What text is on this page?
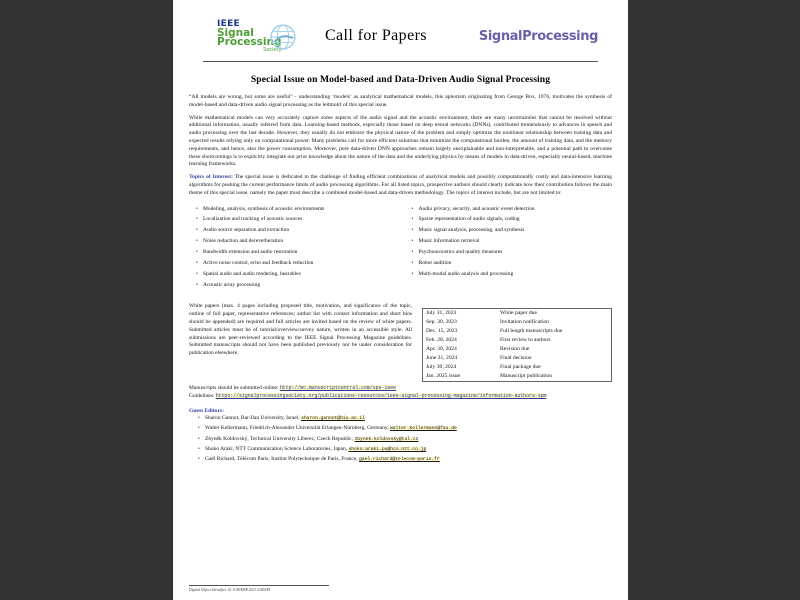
IEEE
Signal
Processing
Society
Call for Papers	SignalProcessing
Special Issue on Model-based and Data-Driven Audio Signal Processing

“All models are wrong, but some are useful” - understanding ‘models’ as analytical mathematical models, this aphorism originating from George Box, 1976, motivates the synthesis of model-based and data-driven audio signal processing as the leitmotif of this special issue.

While mathematical models can very accurately capture some aspects of the audio signal and the acoustic environment, there are many uncertainties that cannot be resolved without additional information, usually inferred from data. Learning-based methods, especially those based on deep neural networks (DNNs), contributed tremendously to advances in speech and audio processing over the last decade. However, they usually do not embrace the physical nature of the problem and simply optimize the nonlinear relationship between training data and expected results relying only on computational power. Many problems call for more efficient solutions that minimize the computational burden, the amount of training data, and the memory requirements, and hence, also the power consumption. Moreover, pure data-driven DNN approaches remain largely unexplainable and non-interpretable, and a potential path to overcome these shortcomings is to explicitly integrate our prior knowledge about the nature of the data and the underlying physics by means of models in data-driven, especially neural-based, machine learning frameworks.

Topics of Interest: The special issue is dedicated to the challenge of finding efficient combinations of analytical models and possibly computationally costly and data-intensive learning algorithms for pushing the current performance limits of audio processing algorithms. For all listed topics, prospective authors should clearly indicate how their contribution follows the main theme of this special issue, namely the paper must describe a combined model-based and data-driven methodology. The topics of interest include, but are not limited to:

• Modeling, analysis, synthesis of acoustic environments
• Localization and tracking of acoustic sources
• Audio source separation and extraction
• Noise reduction and dereverberation
• Bandwidth extension and audio restoration
• Active noise control, echo and feedback reduction
• Spatial audio and audio rendering, hearables
• Acoustic array processing
• Audio privacy, security, and acoustic event detection
• Sparse representation of audio signals, coding
• Music signal analysis, processing, and synthesis
• Music information retrieval
• Psychoacoustics and quality measures
• Robot audition
• Multi-modal audio analysis and processing
July 31, 2023	White paper due
Sep. 30, 2023	Invitation notification
Dec. 15, 2023	Full length manuscripts due
Feb. 28, 2024	First review to authors
Apr. 30, 2024	Revision due
June 31, 2024	Final decision
July 30, 2024	Final package due
Jan. 2025 issue	Manuscript publication

White papers (max. 4 pages including proposed title, motivation, and significance of the topic, outline of full paper, representative references; author list with contact information and short bios should be appended) are required and full articles are invited based on the review of white papers. Submitted articles must be of tutorial/overview/survey nature, written in an accessible style. All submissions are peer-reviewed according to the IEEE Signal Processing Magazine guidelines. Submitted manuscripts should not have been published previously nor be under consideration for publication elsewhere.

Manuscripts should be submitted online: http://mc.manuscriptcentral.com/sps-ieee

Guidelines: https://signalprocessingsociety.org/publications-resources/ieee-signal-processing-magazine/information-authors-spm

Guest Editors:
• Sharon Gannot, Bar-Ilan University, Israel, sharon.gannot@biu.ac.il
• Walter Kellermann, Friedrich-Alexander Universität Erlangen-Nürnberg, Germany, walter.kellermann@fau.de
• Zbyněk Koldovský, Technical University Liberec, Czech Republic, zbynek.koldovsky@tul.cz
• Shoko Araki, NTT Communication Science Laboratories, Japan, shoko.araki.pu@hco.ntt.co.jp
• Gaël Richard, Télécom Paris, Institut Polytechnique de Paris, France, gael.richard@telecom-paris.fr
Digital Object Identifier 10.1109/MSP.2023.3285189
